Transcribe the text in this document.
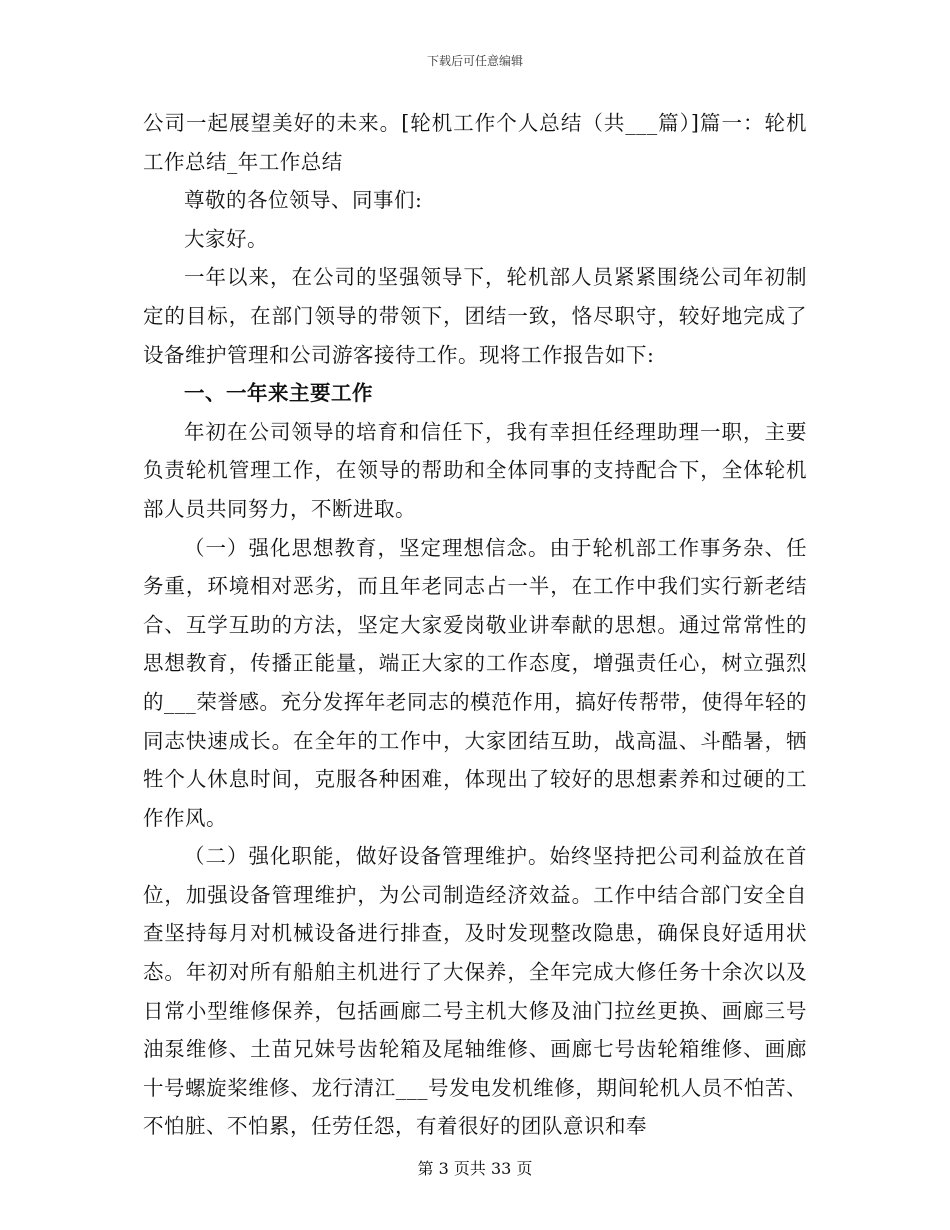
下载后可任意编辑

公司一起展望美好的未来。[轮机工作个人总结（共___篇）]篇一：轮机工作总结_年工作总结

尊敬的各位领导、同事们:

大家好。

一年以来，在公司的坚强领导下，轮机部人员紧紧围绕公司年初制定的目标，在部门领导的带领下，团结一致，恪尽职守，较好地完成了设备维护管理和公司游客接待工作。现将工作报告如下:

一、一年来主要工作

年初在公司领导的培育和信任下，我有幸担任经理助理一职，主要负责轮机管理工作，在领导的帮助和全体同事的支持配合下，全体轮机部人员共同努力，不断进取。

（一）强化思想教育，坚定理想信念。由于轮机部工作事务杂、任务重，环境相对恶劣，而且年老同志占一半，在工作中我们实行新老结合、互学互助的方法，坚定大家爱岗敬业讲奉献的思想。通过常常性的思想教育，传播正能量，端正大家的工作态度，增强责任心，树立强烈的___荣誉感。充分发挥年老同志的模范作用，搞好传帮带，使得年轻的同志快速成长。在全年的工作中，大家团结互助，战高温、斗酷暑，牺牲个人休息时间，克服各种困难，体现出了较好的思想素养和过硬的工作作风。

（二）强化职能，做好设备管理维护。始终坚持把公司利益放在首位，加强设备管理维护，为公司制造经济效益。工作中结合部门安全自查坚持每月对机械设备进行排查，及时发现整改隐患，确保良好适用状态。年初对所有船舶主机进行了大保养，全年完成大修任务十余次以及日常小型维修保养，包括画廊二号主机大修及油门拉丝更换、画廊三号油泵维修、土苗兄妹号齿轮箱及尾轴维修、画廊七号齿轮箱维修、画廊十号螺旋桨维修、龙行清江___号发电发机维修，期间轮机人员不怕苦、不怕脏、不怕累，任劳任怨，有着很好的团队意识和奉

第 3 页共 33 页
